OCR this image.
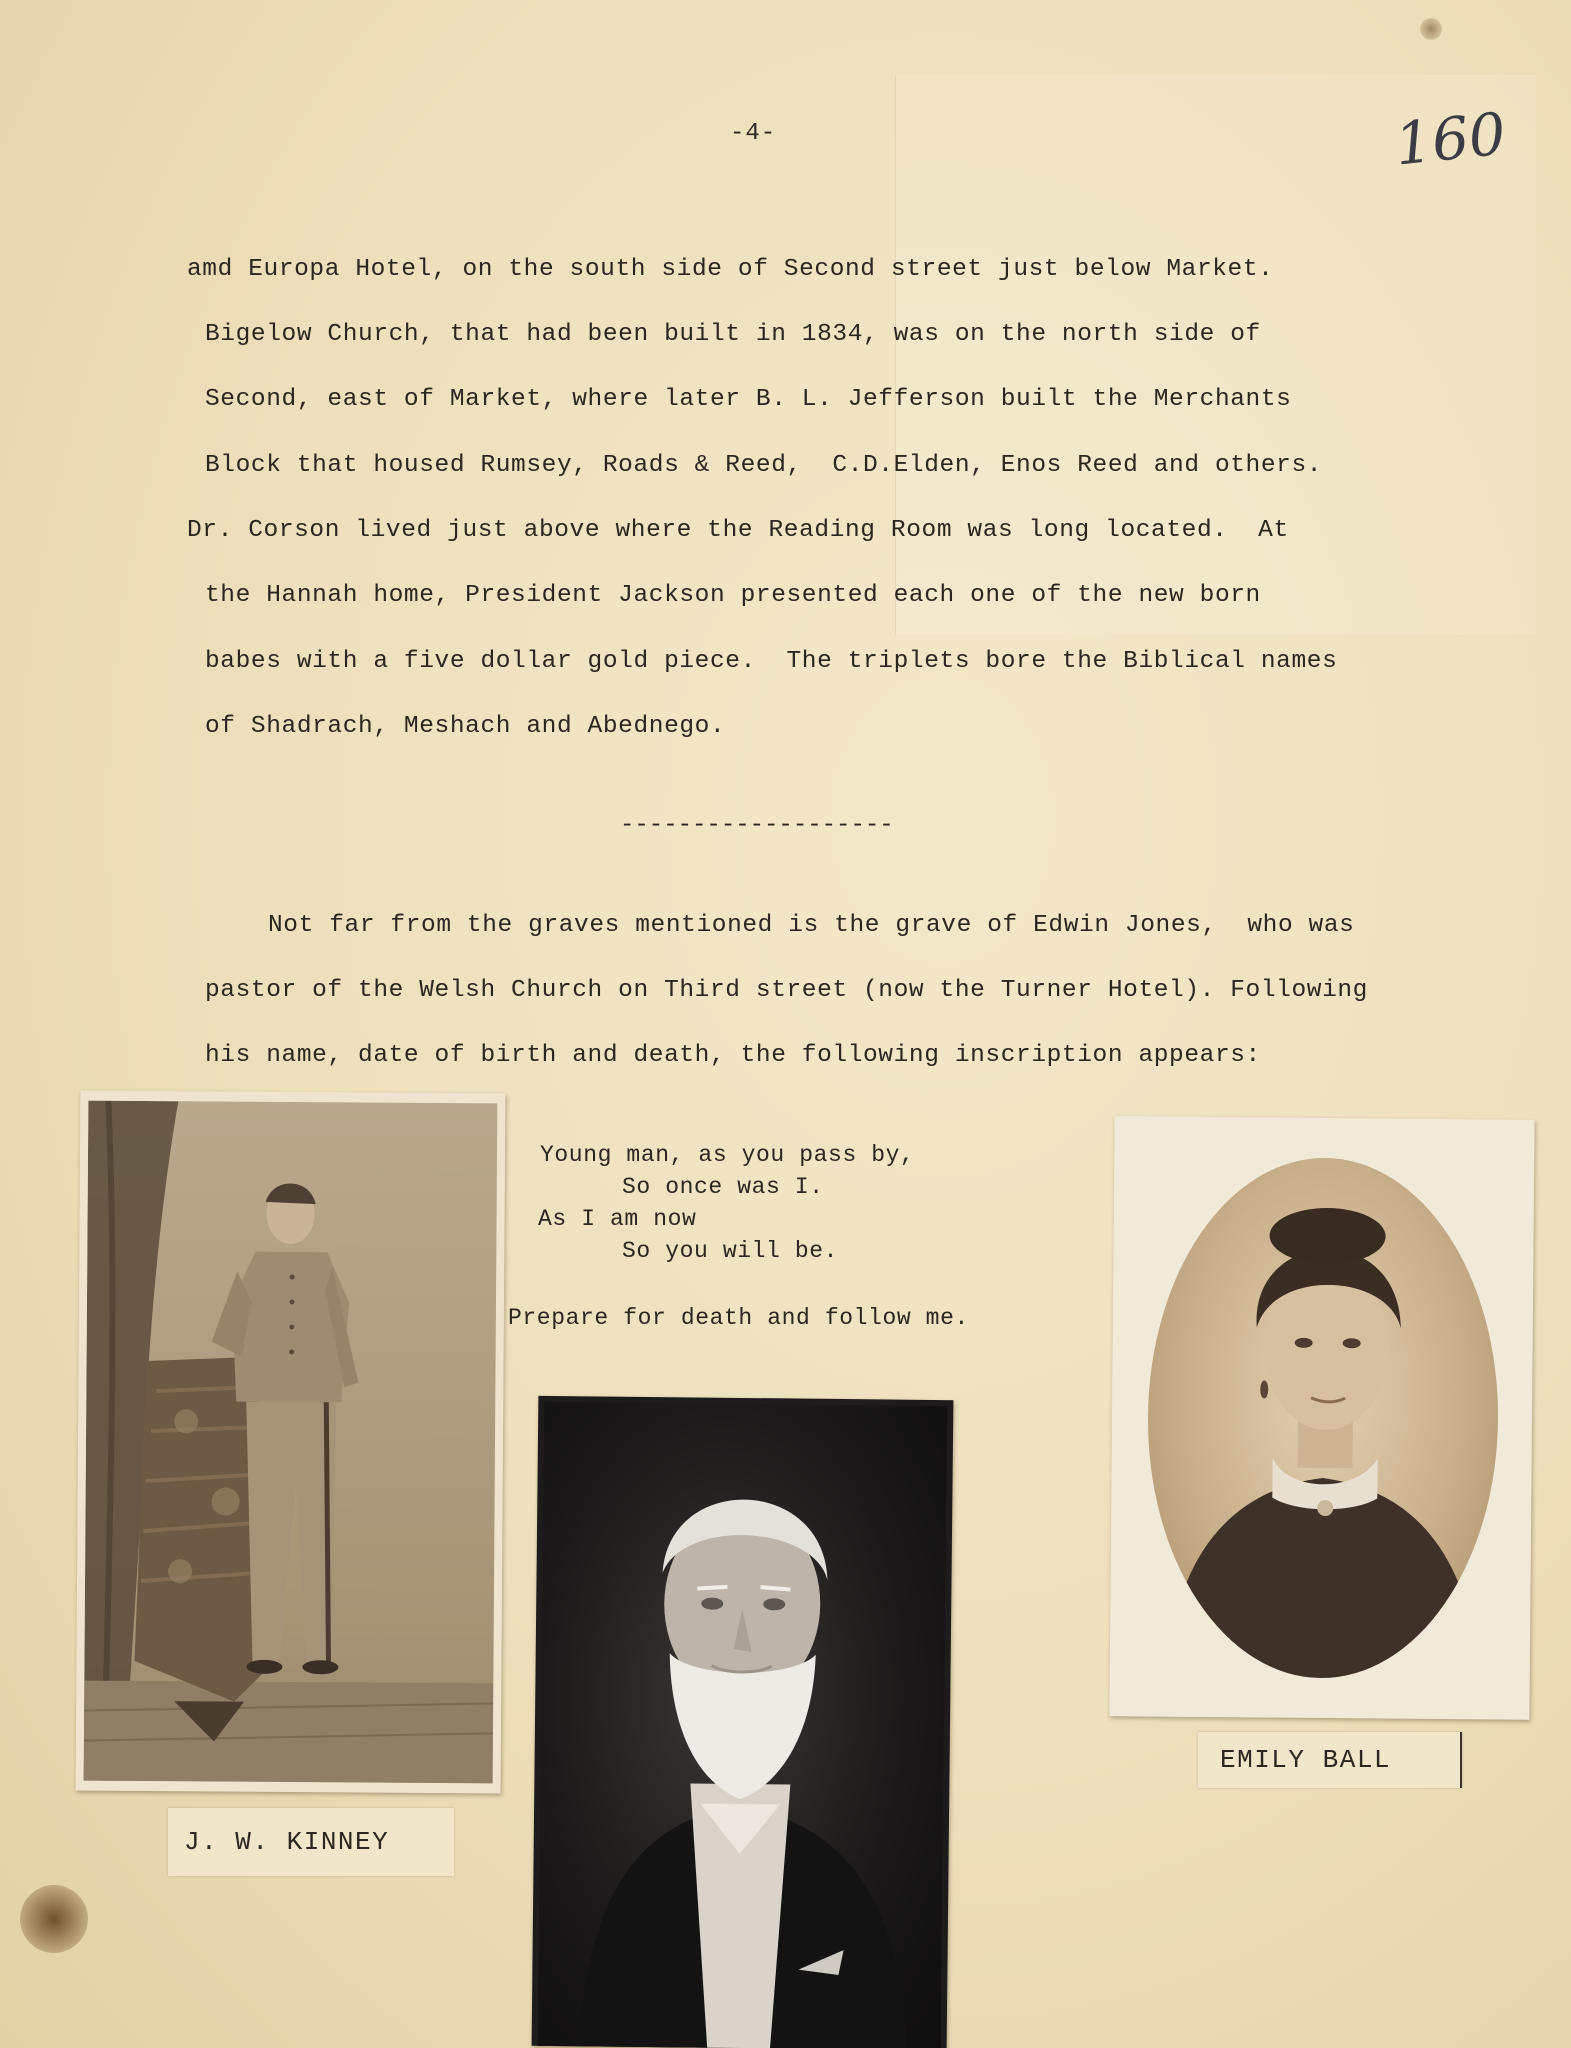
-4-	160
amd Europa Hotel, on the south side of Second street just below Market.
Bigelow Church, that had been built in 1834, was on the north side of
Second, east of Market, where later B. L. Jefferson built the Merchants
Block that housed Rumsey, Roads & Reed,  C.D.Elden, Enos Reed and others.
Dr. Corson lived just above where the Reading Room was long located.  At
the Hannah home, President Jackson presented each one of the new born
babes with a five dollar gold piece.  The triplets bore the Biblical names
of Shadrach, Meshach and Abednego.
-------------------
Not far from the graves mentioned is the grave of Edwin Jones,  who was
pastor of the Welsh Church on Third street (now the Turner Hotel). Following
his name, date of birth and death, the following inscription appears:
Young man, as you pass by,
So once was I.
As I am now
So you will be.
Prepare for death and follow me.
J. W. KINNEY
EMILY BALL
